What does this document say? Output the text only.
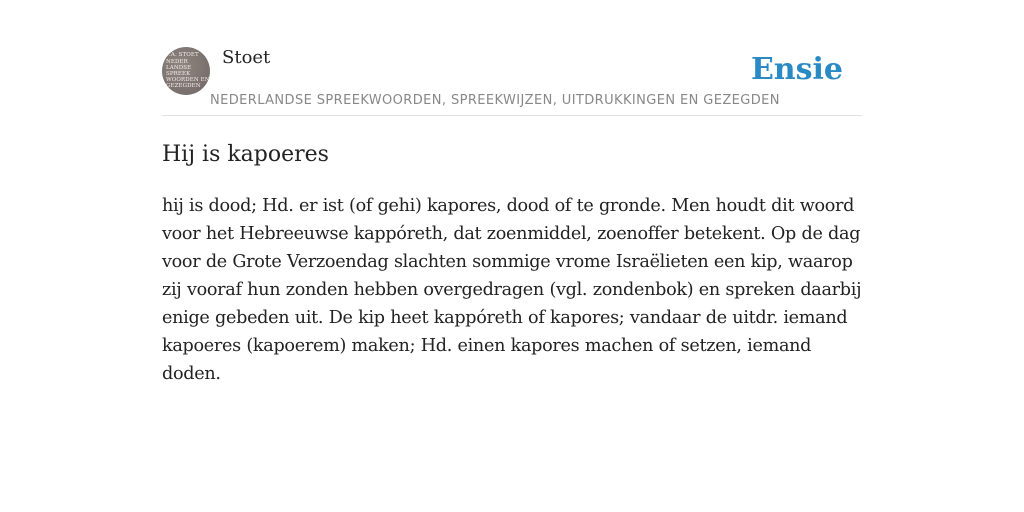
F.A. STOET
NEDER
LANDSE
SPREEK
WOORDEN EN
GEZEGDEN
Stoet	Ensie
NEDERLANDSE SPREEKWOORDEN, SPREEKWIJZEN, UITDRUKKINGEN EN GEZEGDEN
Hij is kapoeres

hij is dood; Hd. er ist (of gehi) kapores, dood of te gronde. Men houdt dit woord voor het Hebreeuwse kappóreth, dat zoenmiddel, zoenoffer betekent. Op de dag voor de Grote Verzoendag slachten sommige vrome Israëlieten een kip, waarop zij vooraf hun zonden hebben overgedragen (vgl. zondenbok) en spreken daarbij enige gebeden uit. De kip heet kappóreth of kapores; vandaar de uitdr. iemand kapoeres (kapoerem) maken; Hd. einen kapores machen of setzen, iemand doden.
